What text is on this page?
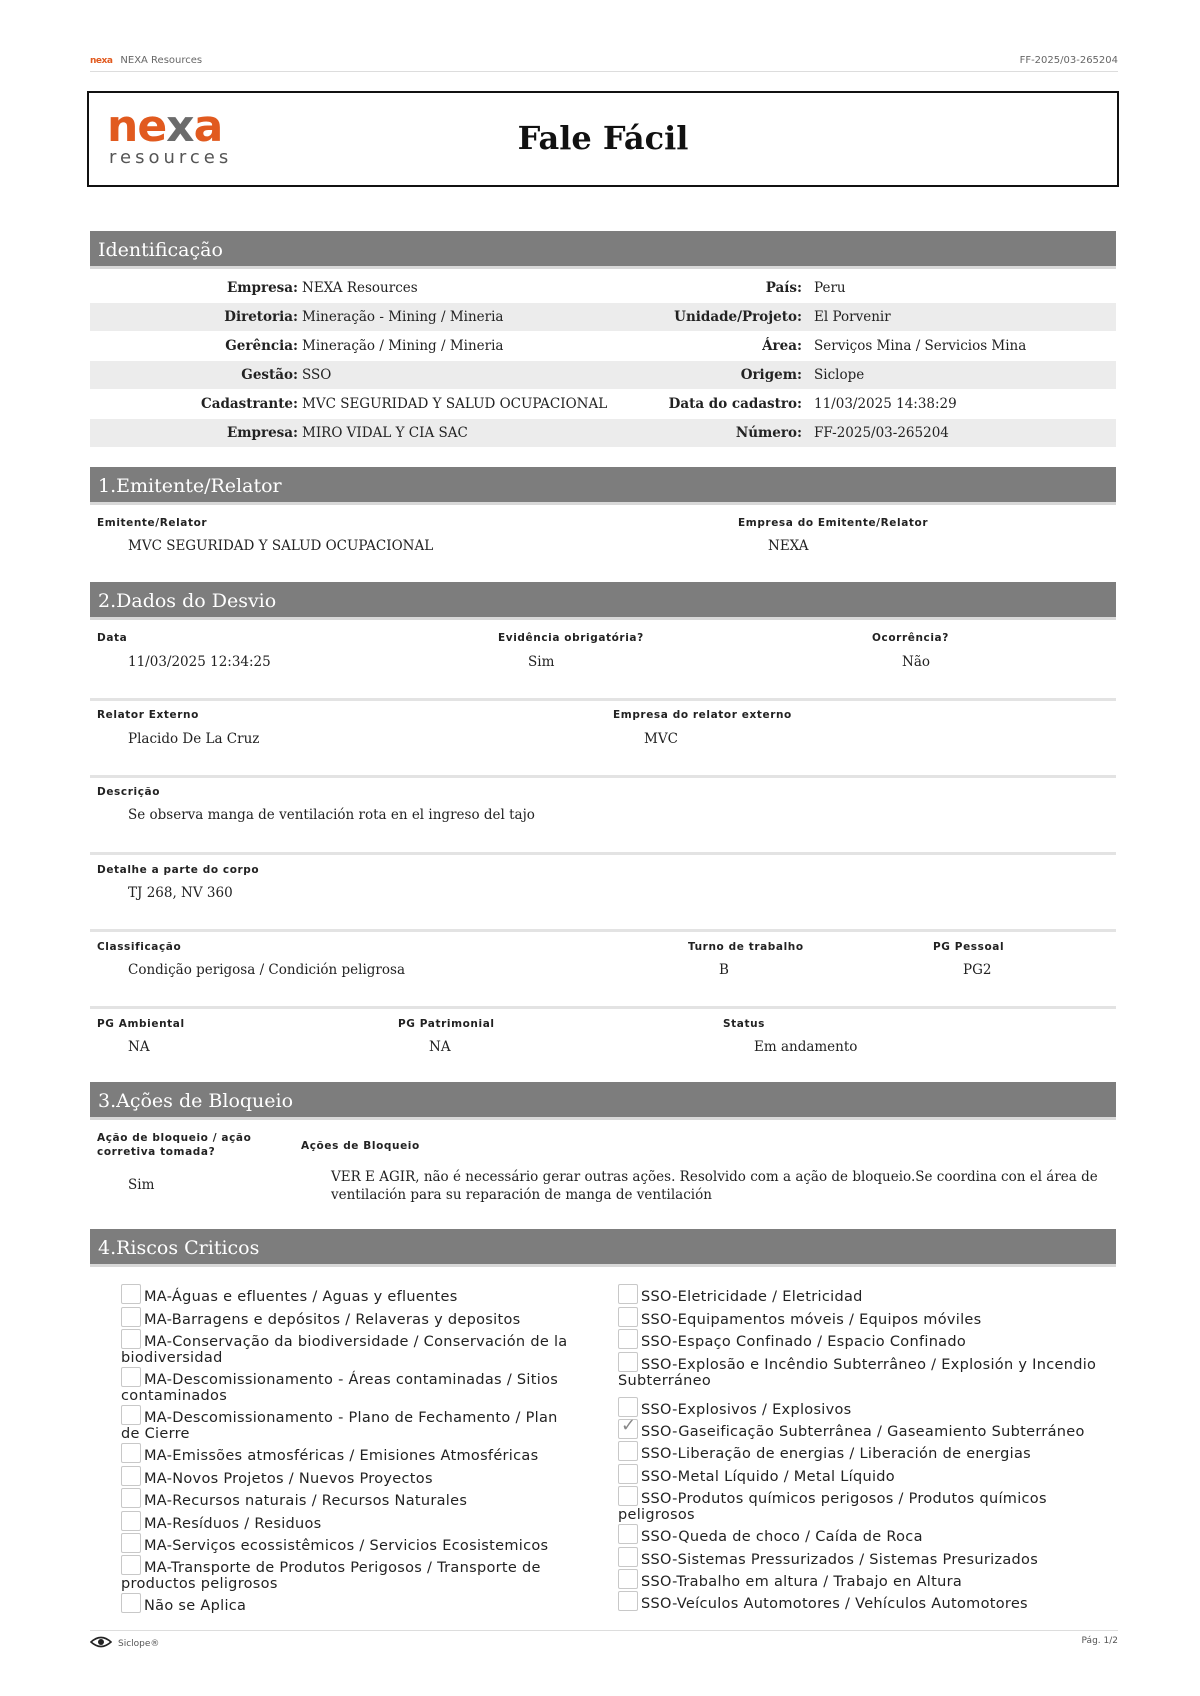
nexa NEXA Resources	FF-2025/03-265204
nexa
resources
Fale Fácil
Identificação
Empresa: NEXA Resources	País: Peru
Diretoria: Mineração - Mining / Mineria	Unidade/Projeto: El Porvenir
Gerência: Mineração / Mining / Mineria	Área: Serviços Mina / Servicios Mina
Gestão: SSO	Origem: Siclope
Cadastrante: MVC SEGURIDAD Y SALUD OCUPACIONAL	Data do cadastro: 11/03/2025 14:38:29
Empresa: MIRO VIDAL Y CIA SAC	Número: FF-2025/03-265204
1.Emitente/Relator
Emitente/Relator
MVC SEGURIDAD Y SALUD OCUPACIONAL
Empresa do Emitente/Relator
NEXA
2.Dados do Desvio
Data
11/03/2025 12:34:25
Evidência obrigatória?
Sim
Ocorrência?
Não
Relator Externo
Placido De La Cruz
Empresa do relator externo
MVC
Descrição
Se observa manga de ventilación rota en el ingreso del tajo
Detalhe a parte do corpo
TJ 268, NV 360
Classificação
Condição perigosa / Condición peligrosa
Turno de trabalho
B
PG Pessoal
PG2
PG Ambiental
NA
PG Patrimonial
NA
Status
Em andamento
3.Ações de Bloqueio
Ação de bloqueio / ação corretiva tomada?
Sim
Ações de Bloqueio
VER E AGIR, não é necessário gerar outras ações. Resolvido com a ação de bloqueio.Se coordina con el área de ventilación para su reparación de manga de ventilación
4.Riscos Criticos
MA-Águas e efluentes / Aguas y efluentes
MA-Barragens e depósitos / Relaveras y depositos
MA-Conservação da biodiversidade / Conservación de la biodiversidad
MA-Descomissionamento - Áreas contaminadas / Sitios contaminados
MA-Descomissionamento - Plano de Fechamento / Plan de Cierre
MA-Emissões atmosféricas / Emisiones Atmosféricas
MA-Novos Projetos / Nuevos Proyectos
MA-Recursos naturais / Recursos Naturales
MA-Resíduos / Residuos
MA-Serviços ecossistêmicos / Servicios Ecosistemicos
MA-Transporte de Produtos Perigosos / Transporte de productos peligrosos
Não se Aplica
SSO-Eletricidade / Eletricidad
SSO-Equipamentos móveis / Equipos móviles
SSO-Espaço Confinado / Espacio Confinado
SSO-Explosão e Incêndio Subterrâneo / Explosión y Incendio Subterráneo
SSO-Explosivos / Explosivos
✓SSO-Gaseificação Subterrânea / Gaseamiento Subterráneo
SSO-Liberação de energias / Liberación de energias
SSO-Metal Líquido / Metal Líquido
SSO-Produtos químicos perigosos / Produtos químicos peligrosos
SSO-Queda de choco / Caída de Roca
SSO-Sistemas Pressurizados / Sistemas Presurizados
SSO-Trabalho em altura / Trabajo en Altura
SSO-Veículos Automotores / Vehículos Automotores
Siclope®	Pág. 1/2
